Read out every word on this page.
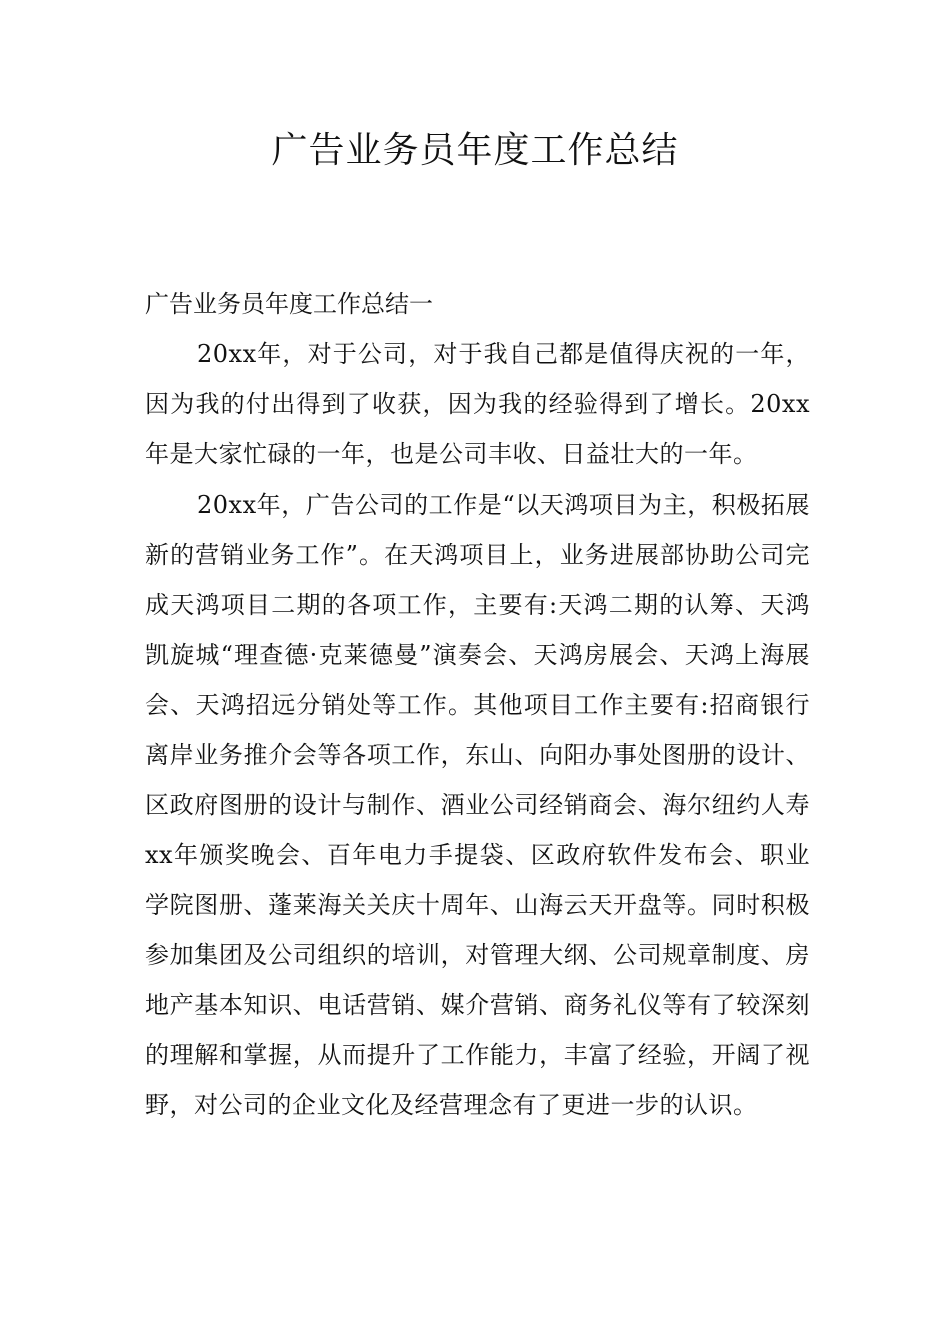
广告业务员年度工作总结
广告业务员年度工作总结一

20xx年，对于公司，对于我自己都是值得庆祝的一年，因为我的付出得到了收获，因为我的经验得到了增长。20xx年是大家忙碌的一年，也是公司丰收、日益壮大的一年。

20xx年，广告公司的工作是“以天鸿项目为主，积极拓展新的营销业务工作”。在天鸿项目上，业务进展部协助公司完成天鸿项目二期的各项工作，主要有:天鸿二期的认筹、天鸿凯旋城“理查德·克莱德曼”演奏会、天鸿房展会、天鸿上海展会、天鸿招远分销处等工作。其他项目工作主要有:招商银行离岸业务推介会等各项工作，东山、向阳办事处图册的设计、区政府图册的设计与制作、酒业公司经销商会、海尔纽约人寿xx年颁奖晚会、百年电力手提袋、区政府软件发布会、职业学院图册、蓬莱海关关庆十周年、山海云天开盘等。同时积极参加集团及公司组织的培训，对管理大纲、公司规章制度、房地产基本知识、电话营销、媒介营销、商务礼仪等有了较深刻的理解和掌握，从而提升了工作能力，丰富了经验，开阔了视野，对公司的企业文化及经营理念有了更进一步的认识。
